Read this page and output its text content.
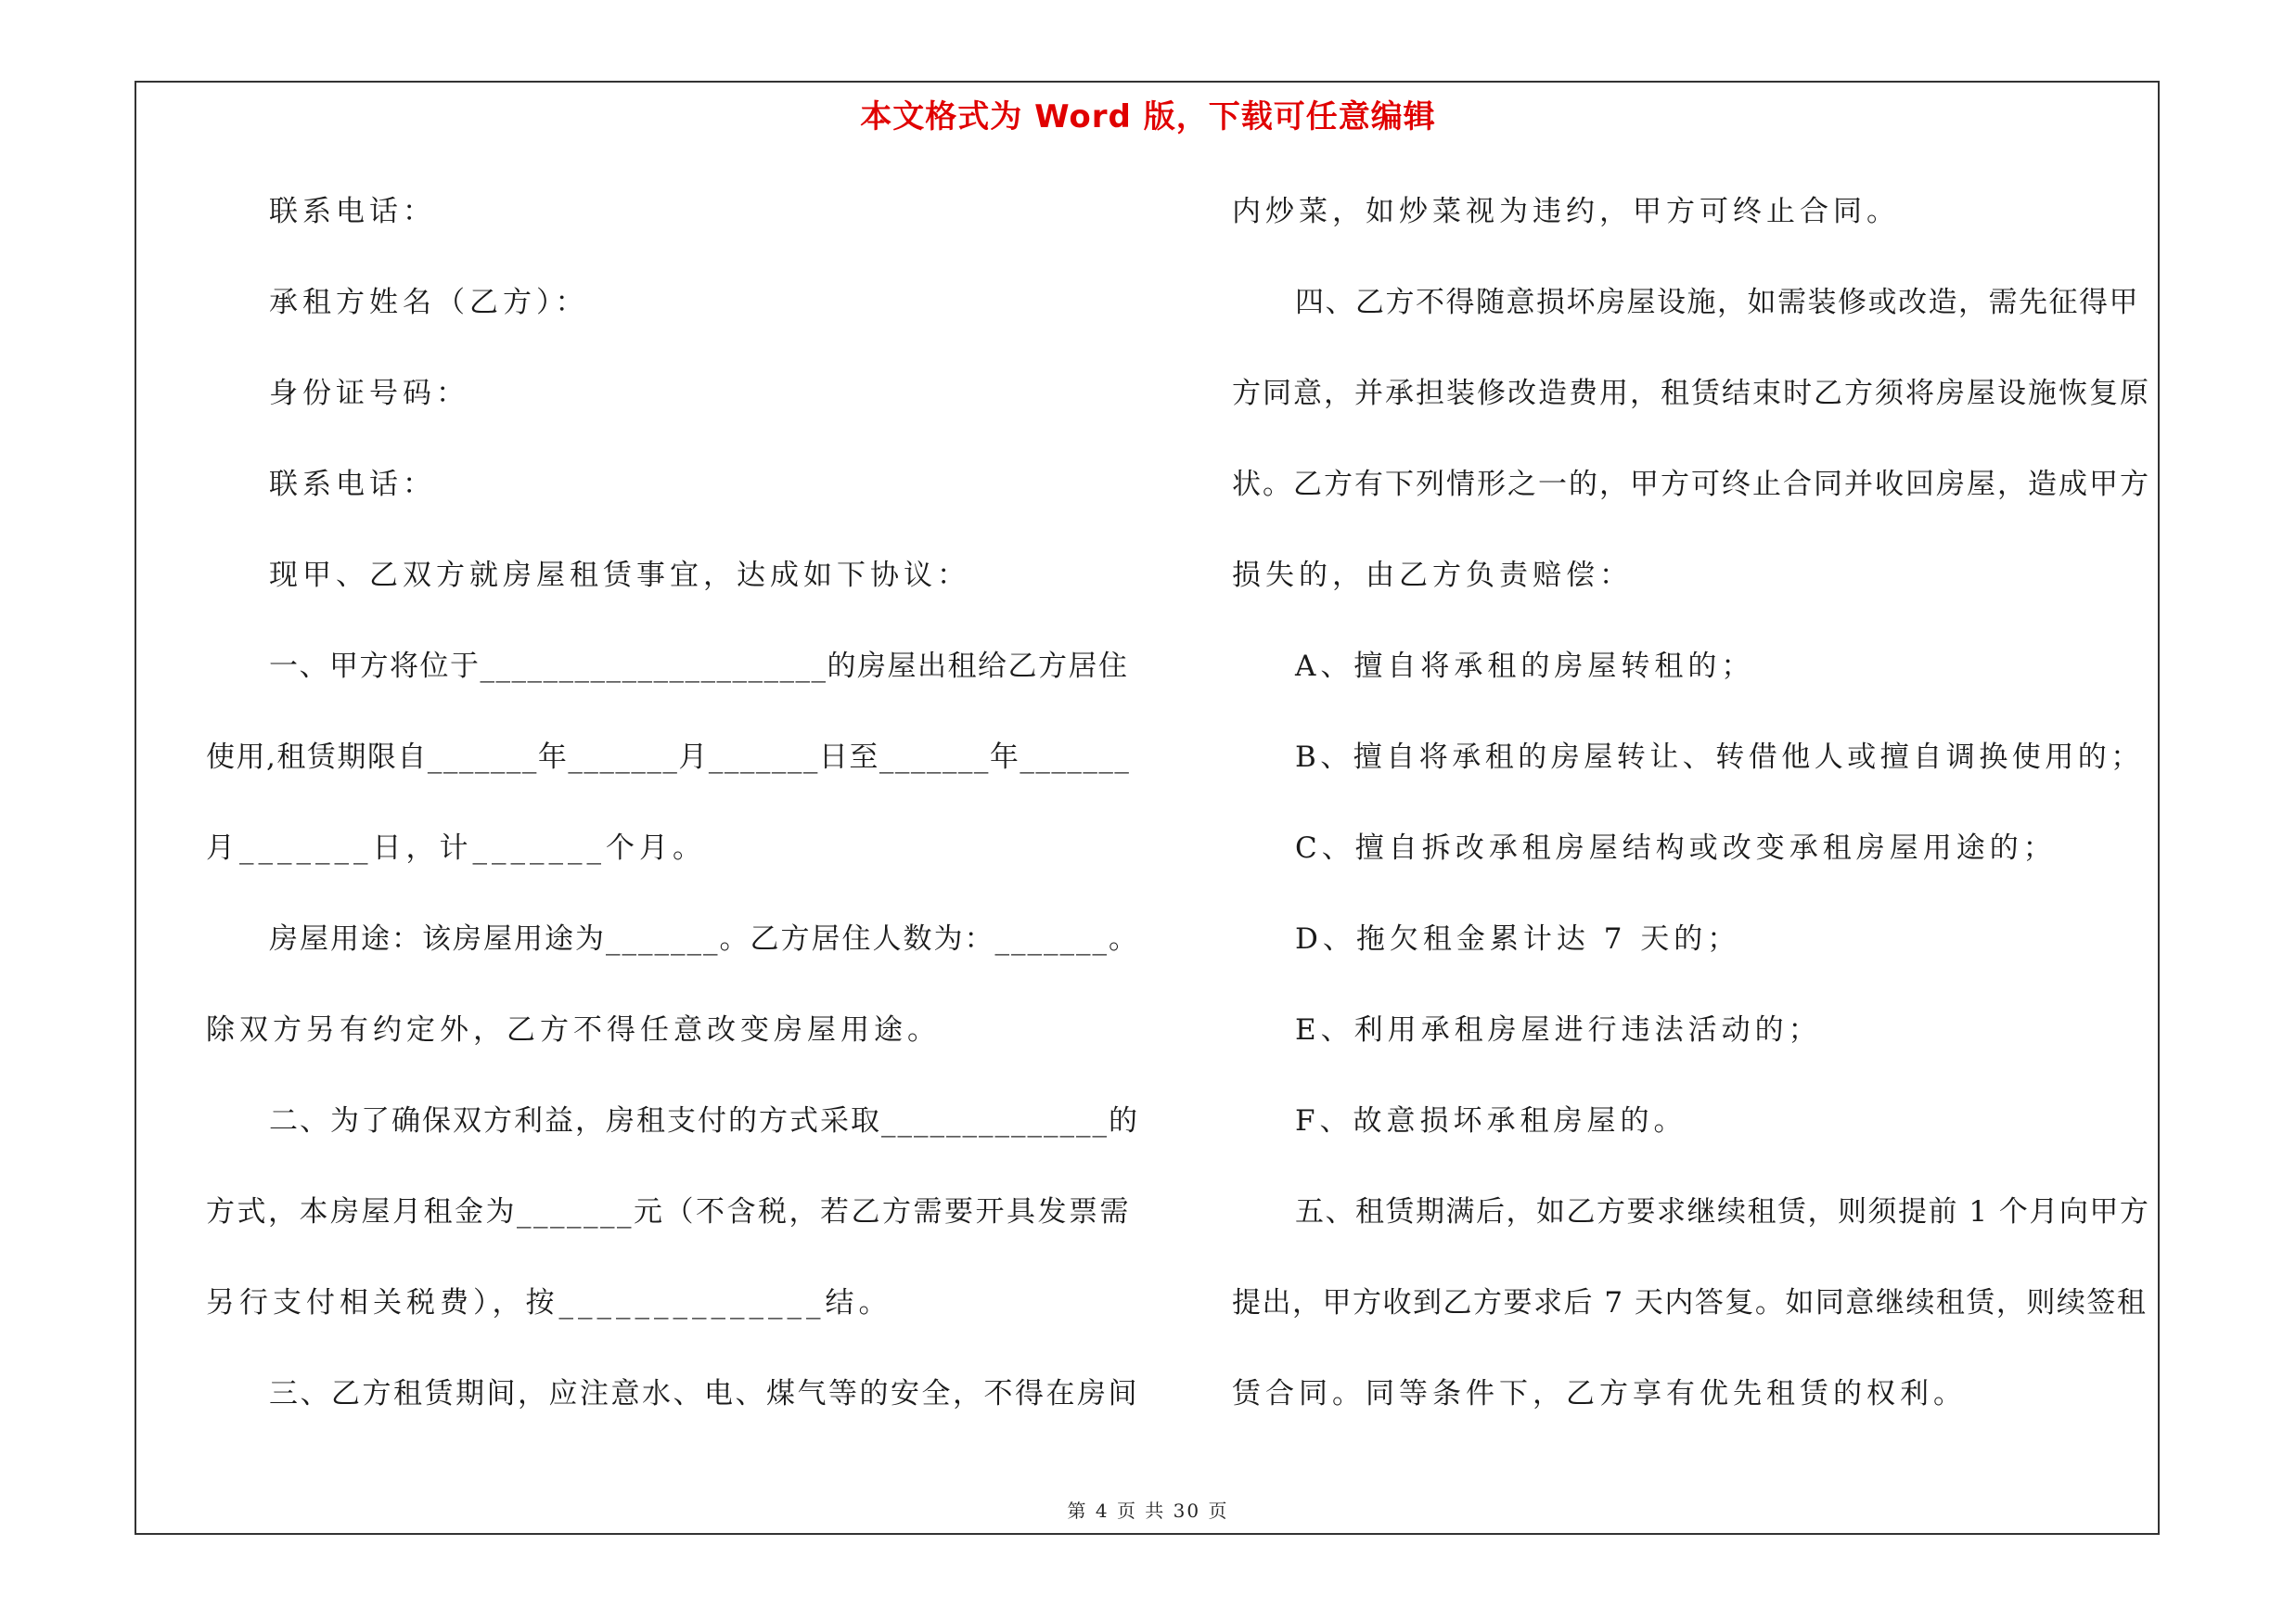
本文格式为 Word 版，下载可任意编辑
联系电话：
承租方姓名（乙方）：
身份证号码：
联系电话：
现甲、乙双方就房屋租赁事宜，达成如下协议：
一、甲方将位于______________________的房屋出租给乙方居住
使用,租赁期限自_______年_______月_______日至_______年_______
月_______日，计_______个月。
房屋用途：该房屋用途为_______。乙方居住人数为：_______。
除双方另有约定外，乙方不得任意改变房屋用途。
二、为了确保双方利益，房租支付的方式采取______________的
方式，本房屋月租金为_______元（不含税，若乙方需要开具发票需
另行支付相关税费），按______________结。
三、乙方租赁期间，应注意水、电、煤气等的安全，不得在房间
内炒菜，如炒菜视为违约，甲方可终止合同。
四、乙方不得随意损坏房屋设施，如需装修或改造，需先征得甲
方同意，并承担装修改造费用，租赁结束时乙方须将房屋设施恢复原
状。乙方有下列情形之一的，甲方可终止合同并收回房屋，造成甲方
损失的，由乙方负责赔偿：
A、擅自将承租的房屋转租的；
B、擅自将承租的房屋转让、转借他人或擅自调换使用的；
C、擅自拆改承租房屋结构或改变承租房屋用途的；
D、拖欠租金累计达 7 天的；
E、利用承租房屋进行违法活动的；
F、故意损坏承租房屋的。
五、租赁期满后，如乙方要求继续租赁，则须提前 1 个月向甲方
提出，甲方收到乙方要求后 7 天内答复。如同意继续租赁，则续签租
赁合同。同等条件下，乙方享有优先租赁的权利。
第 4 页 共 30 页
